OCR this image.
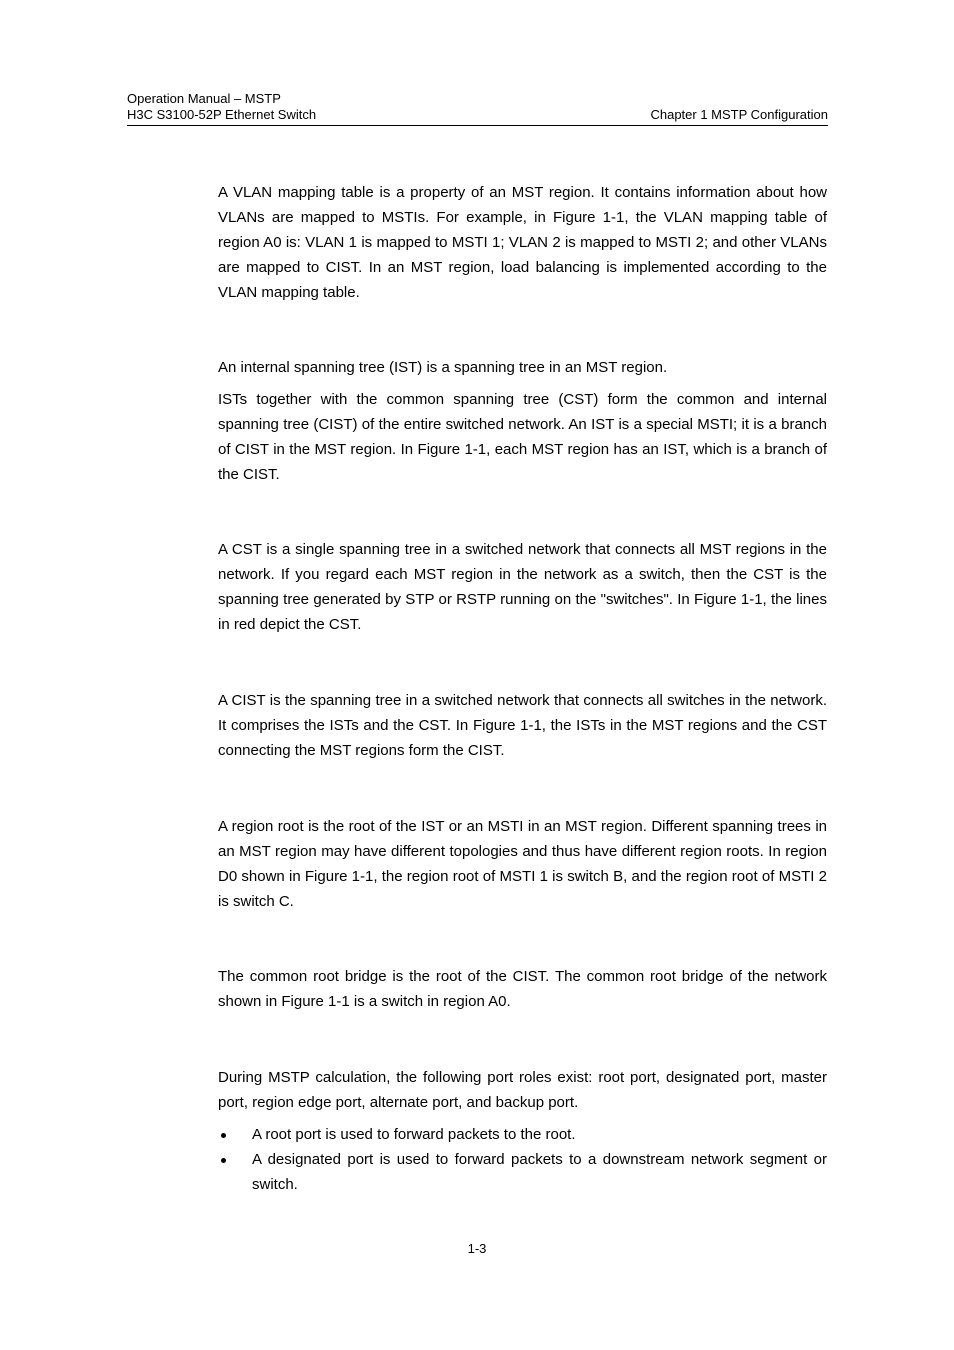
Operation Manual – MSTP
H3C S3100-52P Ethernet Switch	Chapter 1 MSTP Configuration

A VLAN mapping table is a property of an MST region. It contains information about how VLANs are mapped to MSTIs. For example, in Figure 1-1, the VLAN mapping table of region A0 is: VLAN 1 is mapped to MSTI 1; VLAN 2 is mapped to MSTI 2; and other VLANs are mapped to CIST. In an MST region, load balancing is implemented according to the VLAN mapping table.

An internal spanning tree (IST) is a spanning tree in an MST region.

ISTs together with the common spanning tree (CST) form the common and internal spanning tree (CIST) of the entire switched network. An IST is a special MSTI; it is a branch of CIST in the MST region. In Figure 1-1, each MST region has an IST, which is a branch of the CIST.

A CST is a single spanning tree in a switched network that connects all MST regions in the network. If you regard each MST region in the network as a switch, then the CST is the spanning tree generated by STP or RSTP running on the "switches". In Figure 1-1, the lines in red depict the CST.

A CIST is the spanning tree in a switched network that connects all switches in the network. It comprises the ISTs and the CST. In Figure 1-1, the ISTs in the MST regions and the CST connecting the MST regions form the CIST.

A region root is the root of the IST or an MSTI in an MST region. Different spanning trees in an MST region may have different topologies and thus have different region roots. In region D0 shown in Figure 1-1, the region root of MSTI 1 is switch B, and the region root of MSTI 2 is switch C.

The common root bridge is the root of the CIST. The common root bridge of the network shown in Figure 1-1 is a switch in region A0.

During MSTP calculation, the following port roles exist: root port, designated port, master port, region edge port, alternate port, and backup port.

A root port is used to forward packets to the root.
A designated port is used to forward packets to a downstream network segment or switch.
1-3
